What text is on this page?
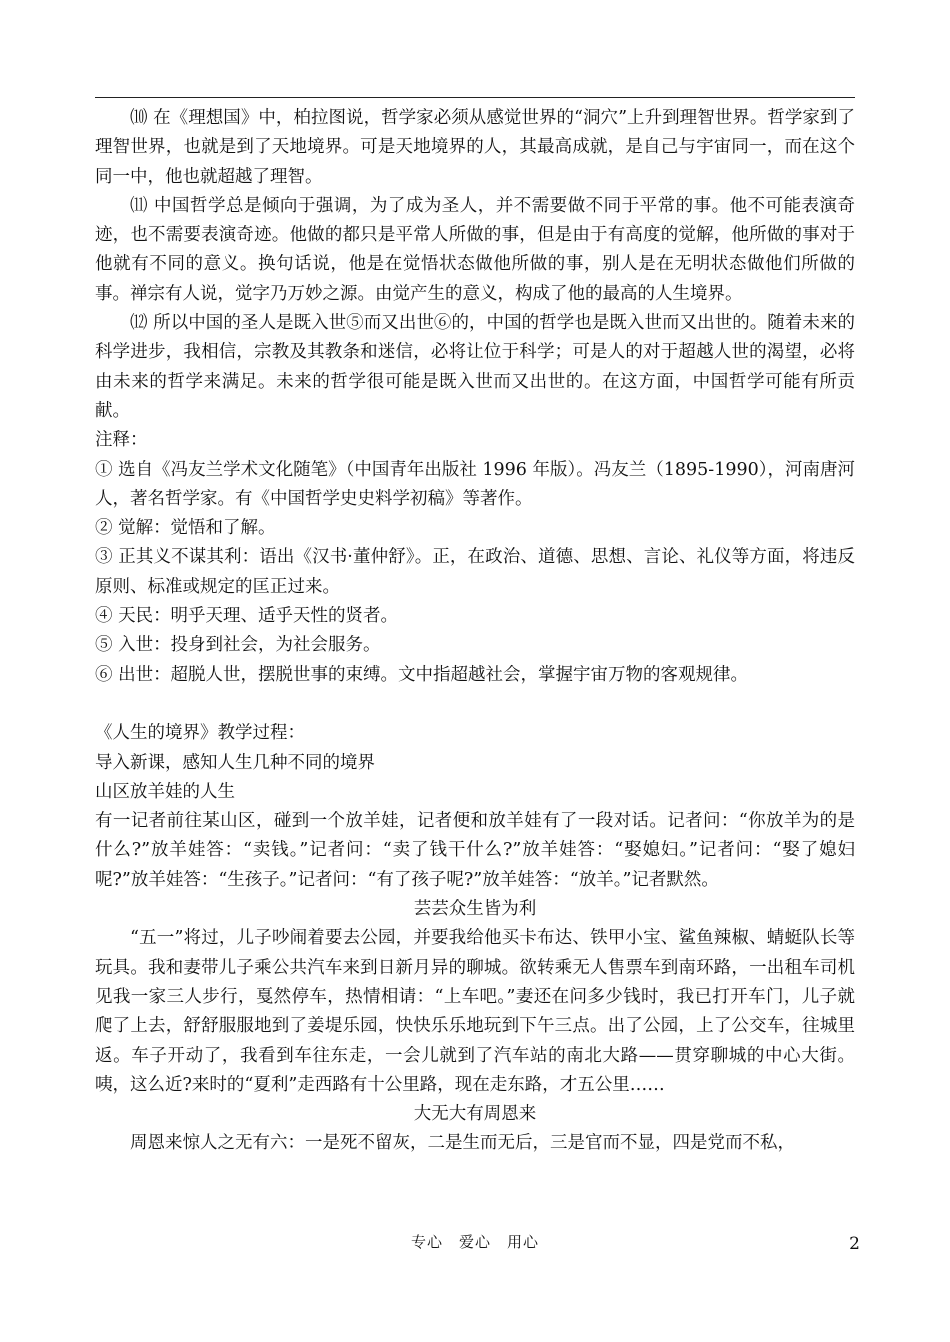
⑽ 在《理想国》中，柏拉图说，哲学家必须从感觉世界的“洞穴”上升到理智世界。哲学家到了理智世界，也就是到了天地境界。可是天地境界的人，其最高成就，是自己与宇宙同一，而在这个同一中，他也就超越了理智。

⑾ 中国哲学总是倾向于强调，为了成为圣人，并不需要做不同于平常的事。他不可能表演奇迹，也不需要表演奇迹。他做的都只是平常人所做的事，但是由于有高度的觉解，他所做的事对于他就有不同的意义。换句话说，他是在觉悟状态做他所做的事，别人是在无明状态做他们所做的事。禅宗有人说，觉字乃万妙之源。由觉产生的意义，构成了他的最高的人生境界。

⑿ 所以中国的圣人是既入世⑤而又出世⑥的，中国的哲学也是既入世而又出世的。随着未来的科学进步，我相信，宗教及其教条和迷信，必将让位于科学；可是人的对于超越人世的渴望，必将由未来的哲学来满足。未来的哲学很可能是既入世而又出世的。在这方面，中国哲学可能有所贡献。

注释：

① 选自《冯友兰学术文化随笔》（中国青年出版社 1996 年版）。冯友兰（1895-1990），河南唐河人，著名哲学家。有《中国哲学史史料学初稿》等著作。

② 觉解：觉悟和了解。

③ 正其义不谋其利：语出《汉书·董仲舒》。正，在政治、道德、思想、言论、礼仪等方面，将违反原则、标准或规定的匡正过来。

④ 天民：明乎天理、适乎天性的贤者。

⑤ 入世：投身到社会，为社会服务。

⑥ 出世：超脱人世，摆脱世事的束缚。文中指超越社会，掌握宇宙万物的客观规律。

《人生的境界》教学过程：

导入新课，感知人生几种不同的境界

山区放羊娃的人生

有一记者前往某山区，碰到一个放羊娃，记者便和放羊娃有了一段对话。记者问：“你放羊为的是什么?”放羊娃答：“卖钱。”记者问：“卖了钱干什么?”放羊娃答：“娶媳妇。”记者问：“娶了媳妇呢?”放羊娃答：“生孩子。”记者问：“有了孩子呢?”放羊娃答：“放羊。”记者默然。

芸芸众生皆为利

“五一”将过，儿子吵闹着要去公园，并要我给他买卡布达、铁甲小宝、鲨鱼辣椒、蜻蜓队长等玩具。我和妻带儿子乘公共汽车来到日新月异的聊城。欲转乘无人售票车到南环路，一出租车司机见我一家三人步行，戛然停车，热情相请：“上车吧。”妻还在问多少钱时，我已打开车门，儿子就爬了上去，舒舒服服地到了姜堤乐园，快快乐乐地玩到下午三点。出了公园，上了公交车，往城里返。车子开动了，我看到车往东走，一会儿就到了汽车站的南北大路——贯穿聊城的中心大街。咦，这么近?来时的“夏利”走西路有十公里路，现在走东路，才五公里……

大无大有周恩来

周恩来惊人之无有六：一是死不留灰，二是生而无后，三是官而不显，四是党而不私，

专心　爱心　用心	2
